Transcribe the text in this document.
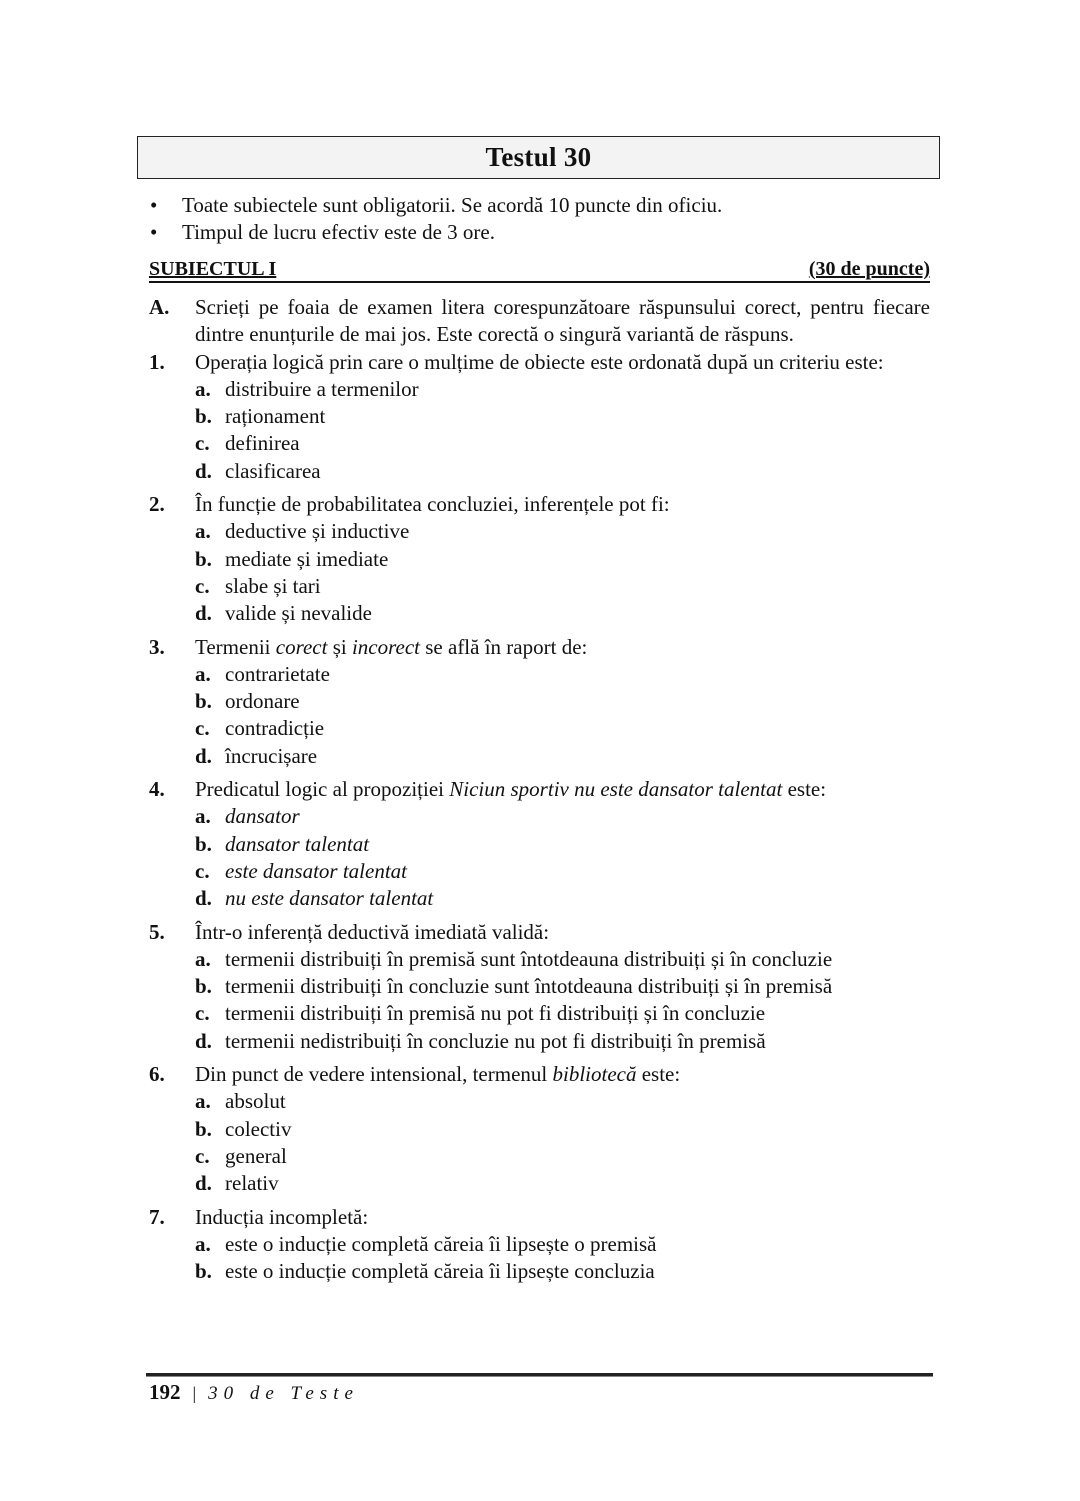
Testul 30
•	Toate subiectele sunt obligatorii. Se acordă 10 puncte din oficiu.
•	Timpul de lucru efectiv este de 3 ore.
SUBIECTUL I	(30 de puncte)
A.	Scrieți pe foaia de examen litera corespunzătoare răspunsului corect, pentru fiecare dintre enunțurile de mai jos. Este corectă o singură variantă de răspuns.
1.	Operația logică prin care o mulțime de obiecte este ordonată după un criteriu este:
a. distribuire a termenilor
b. raționament
c. definirea
d. clasificarea
2.	În funcție de probabilitatea concluziei, inferențele pot fi:
a. deductive și inductive
b. mediate și imediate
c. slabe și tari
d. valide și nevalide
3.	Termenii corect și incorect se află în raport de:
a. contrarietate
b. ordonare
c. contradicție
d. încrucișare
4.	Predicatul logic al propoziției Niciun sportiv nu este dansator talentat este:
a. dansator
b. dansator talentat
c. este dansator talentat
d. nu este dansator talentat
5.	Într-o inferență deductivă imediată validă:
a. termenii distribuiți în premisă sunt întotdeauna distribuiți și în concluzie
b. termenii distribuiți în concluzie sunt întotdeauna distribuiți și în premisă
c. termenii distribuiți în premisă nu pot fi distribuiți și în concluzie
d. termenii nedistribuiți în concluzie nu pot fi distribuiți în premisă
6.	Din punct de vedere intensional, termenul bibliotecă este:
a. absolut
b. colectiv
c. general
d. relativ
7.	Inducția incompletă:
a. este o inducție completă căreia îi lipsește o premisă
b. este o inducție completă căreia îi lipsește concluzia
192 | 30 de Teste
